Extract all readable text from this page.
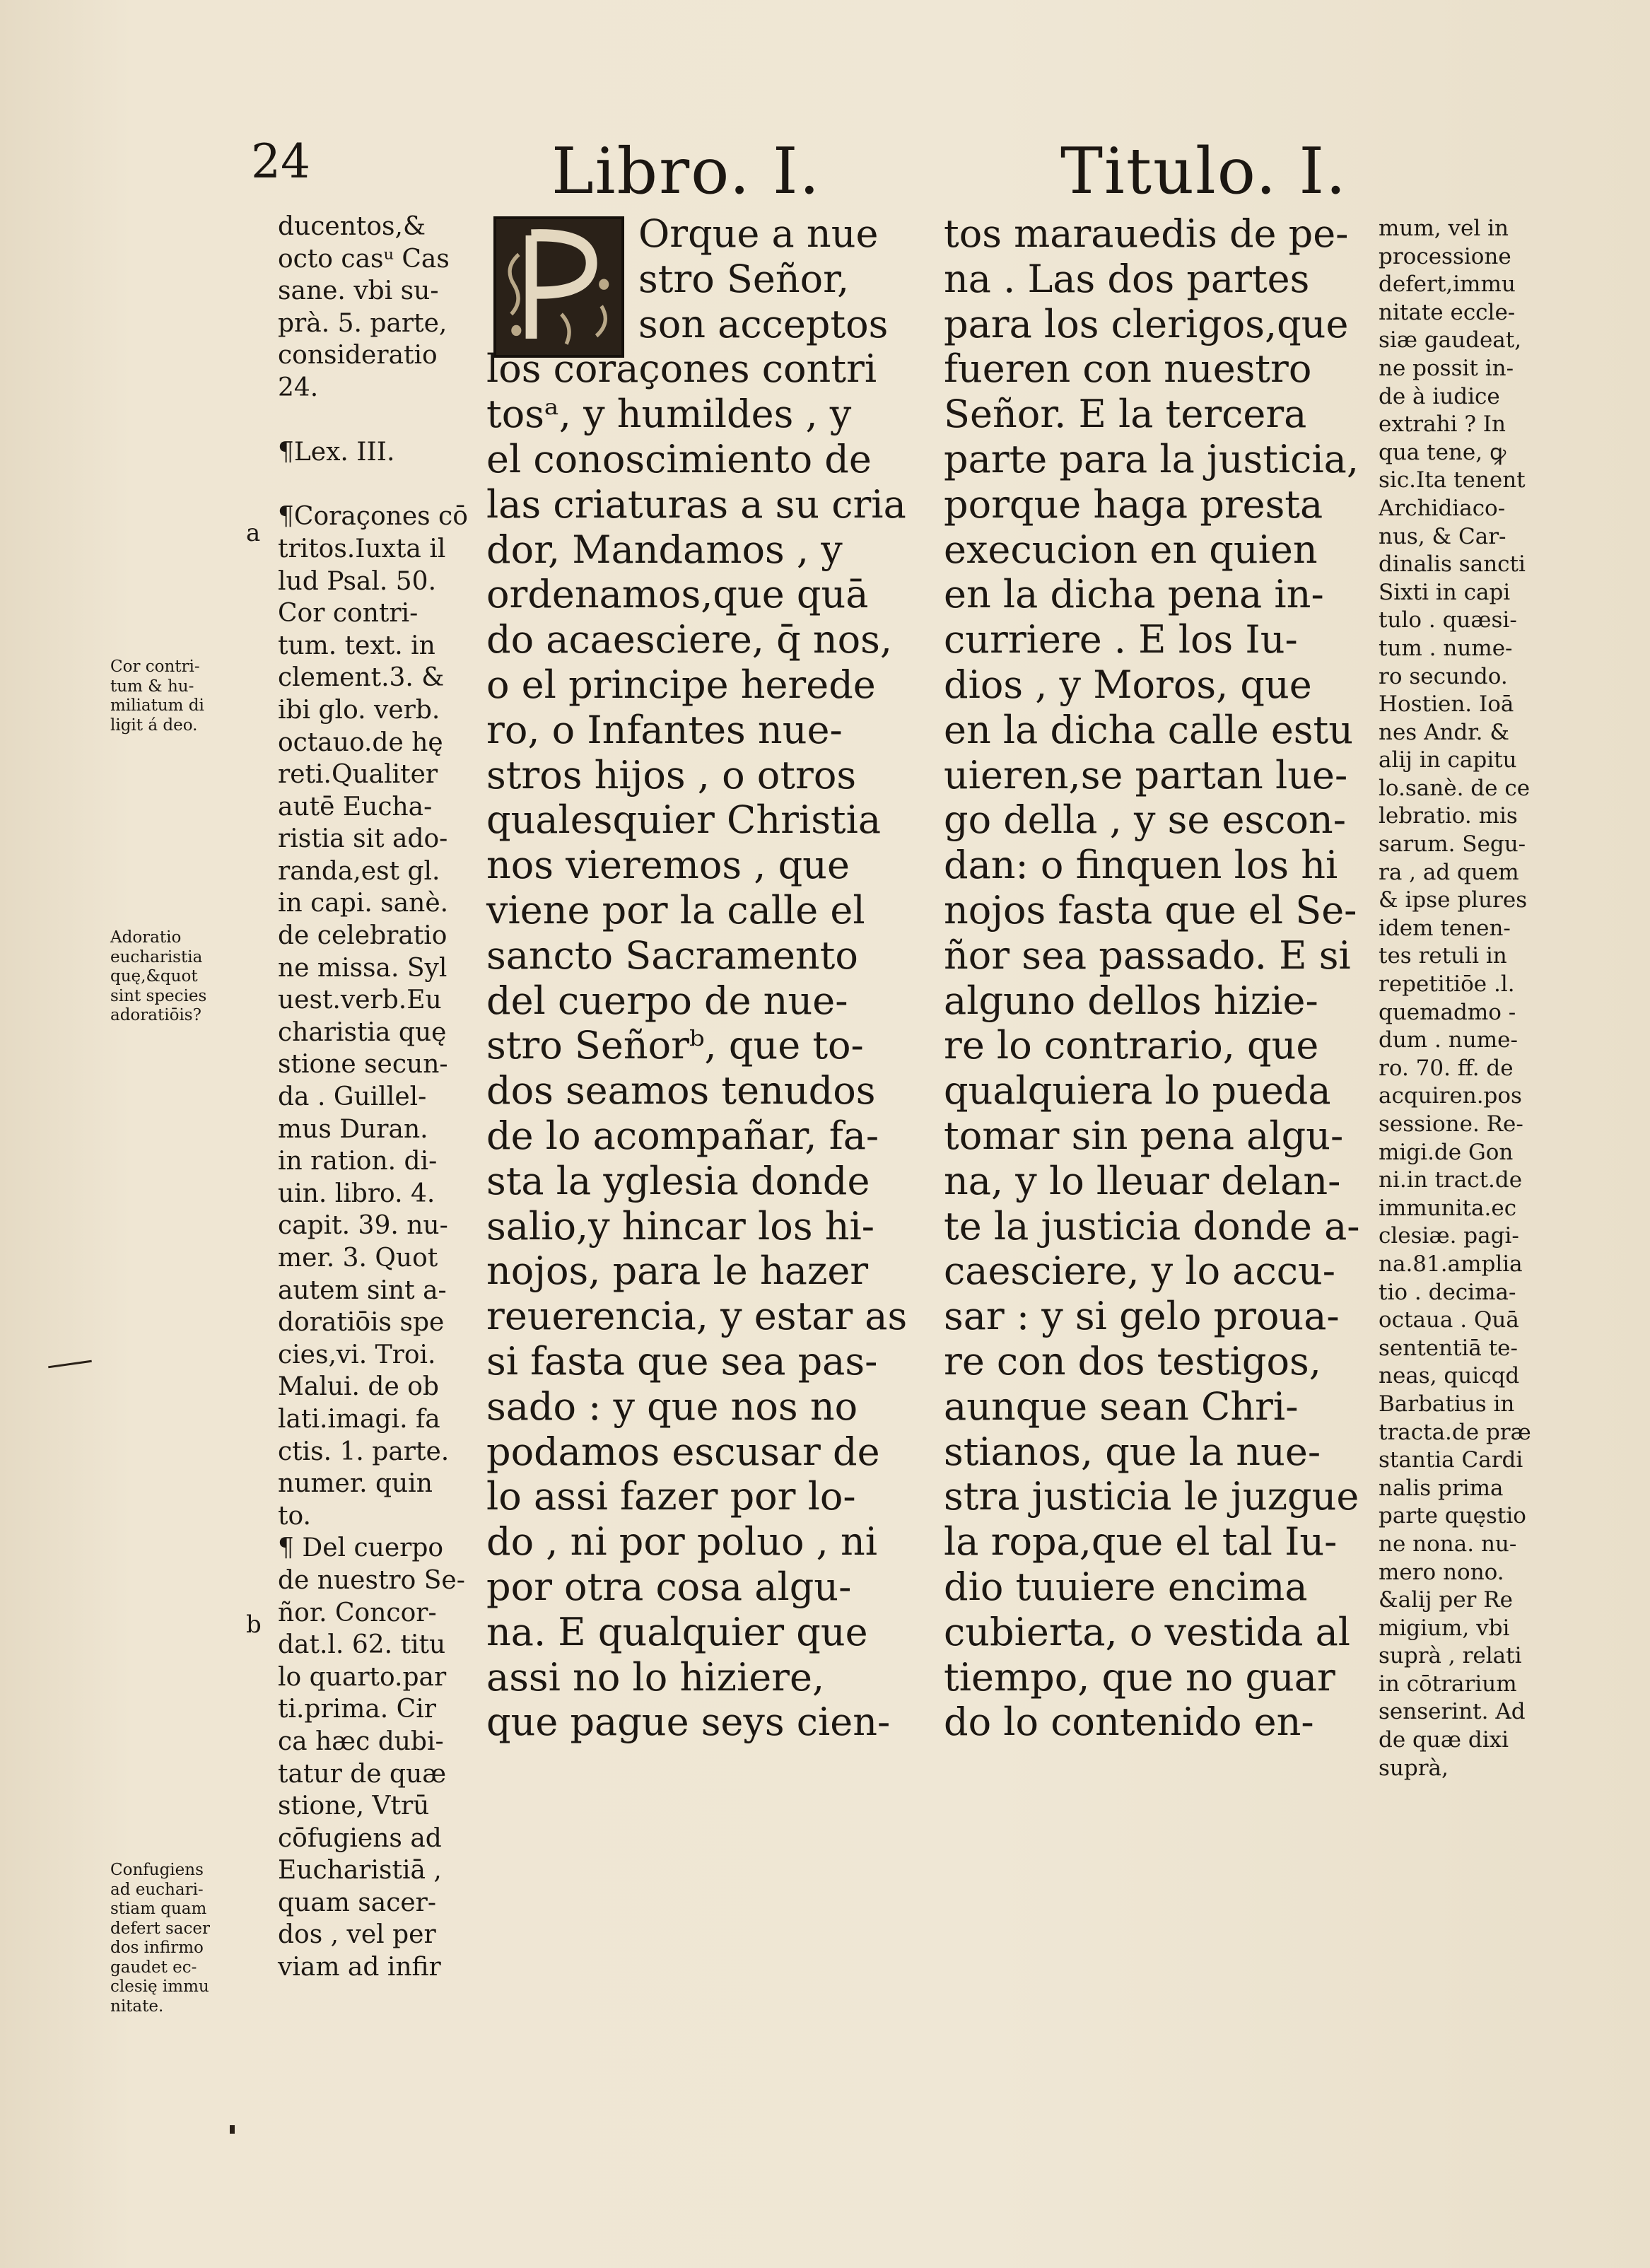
24	Libro. I.	Titulo. I.
Cor contri-
tum & hu-
miliatum di
ligit á deo.
Adoratio
eucharistia
quę,&quot
sint species
adoratiōis?
Confugiens
ad euchari-
stiam quam
defert sacer
dos infirmo
gaudet ec-
clesię immu
nitate.
a
b
ducentos,&
octo casᵘ Cas
sane. vbi su-
prà. 5. parte,
consideratio
24.
¶Lex. III.
¶Coraçones cō
tritos.Iuxta il
lud Psal. 50.
Cor contri-
tum. text. in
clement.3. &
ibi glo. verb.
octauo.de hę
reti.Qualiter
autē Eucha-
ristia sit ado-
randa,est gl.
in capi. sanè.
de celebratio
ne missa. Syl
uest.verb.Eu
charistia quę
stione secun-
da . Guillel-
mus Duran.
in ration. di-
uin. libro. 4.
capit. 39. nu-
mer. 3. Quot
autem sint a-
doratiōis spe
cies,vi. Troi.
Malui. de ob
lati.imagi. fa
ctis. 1. parte.
numer. quin
to.
¶ Del cuerpo
de nuestro Se-
ñor. Concor-
dat.l. 62. titu
lo quarto.par
ti.prima. Cir
ca hæc dubi-
tatur de quæ
stione, Vtrū
cōfugiens ad
Eucharistiā ,
quam sacer-
dos , vel per
viam ad infir
Orque a nue
stro Señor,
son acceptos
los coraçones contri
tosᵃ, y humildes , y
el conoscimiento de
las criaturas a su cria
dor, Mandamos , y
ordenamos,que quā
do acaesciere, q̄ nos,
o el principe herede
ro, o Infantes nue-
stros hijos , o otros
qualesquier Christia
nos vieremos , que
viene por la calle el
sancto Sacramento
del cuerpo de nue-
stro Señorᵇ, que to-
dos seamos tenudos
de lo acompañar, fa-
sta la yglesia donde
salio,y hincar los hi-
nojos, para le hazer
reuerencia, y estar as
si fasta que sea pas-
sado : y que nos no
podamos escusar de
lo assi fazer por lo-
do , ni por poluo , ni
por otra cosa algu-
na. E qualquier que
assi no lo hiziere,
que pague seys cien-
tos marauedis de pe-
na . Las dos partes
para los clerigos,que
fueren con nuestro
Señor. E la tercera
parte para la justicia,
porque haga presta
execucion en quien
en la dicha pena in-
curriere . E los Iu-
dios , y Moros, que
en la dicha calle estu
uieren,se partan lue-
go della , y se escon-
dan: o finquen los hi
nojos fasta que el Se-
ñor sea passado. E si
alguno dellos hizie-
re lo contrario, que
qualquiera lo pueda
tomar sin pena algu-
na, y lo lleuar delan-
te la justicia donde a-
caesciere, y lo accu-
sar : y si gelo proua-
re con dos testigos,
aunque sean Chri-
stianos, que la nue-
stra justicia le juzgue
la ropa,que el tal Iu-
dio tuuiere encima
cubierta, o vestida al
tiempo, que no guar
do lo contenido en-
mum, vel in
processione
defert,immu
nitate eccle-
siæ gaudeat,
ne possit in-
de à iudice
extrahi ? In
qua tene, ꝙ
sic.Ita tenent
Archidiaco-
nus, & Car-
dinalis sancti
Sixti in capi
tulo . quæsi-
tum . nume-
ro secundo.
Hostien. Ioā
nes Andr. &
alij in capitu
lo.sanè. de ce
lebratio. mis
sarum. Segu-
ra , ad quem
& ipse plures
idem tenen-
tes retuli in
repetitiōe .l.
quemadmo -
dum . nume-
ro. 70. ff. de
acquiren.pos
sessione. Re-
migi.de Gon
ni.in tract.de
immunita.ec
clesiæ. pagi-
na.81.amplia
tio . decima-
octaua . Quā
sententiā te-
neas, quicqd
Barbatius in
tracta.de præ
stantia Cardi
nalis prima
parte quęstio
ne nona. nu-
mero nono.
&alij per Re
migium, vbi
suprà , relati
in cōtrarium
senserint. Ad
de quæ dixi
suprà,
